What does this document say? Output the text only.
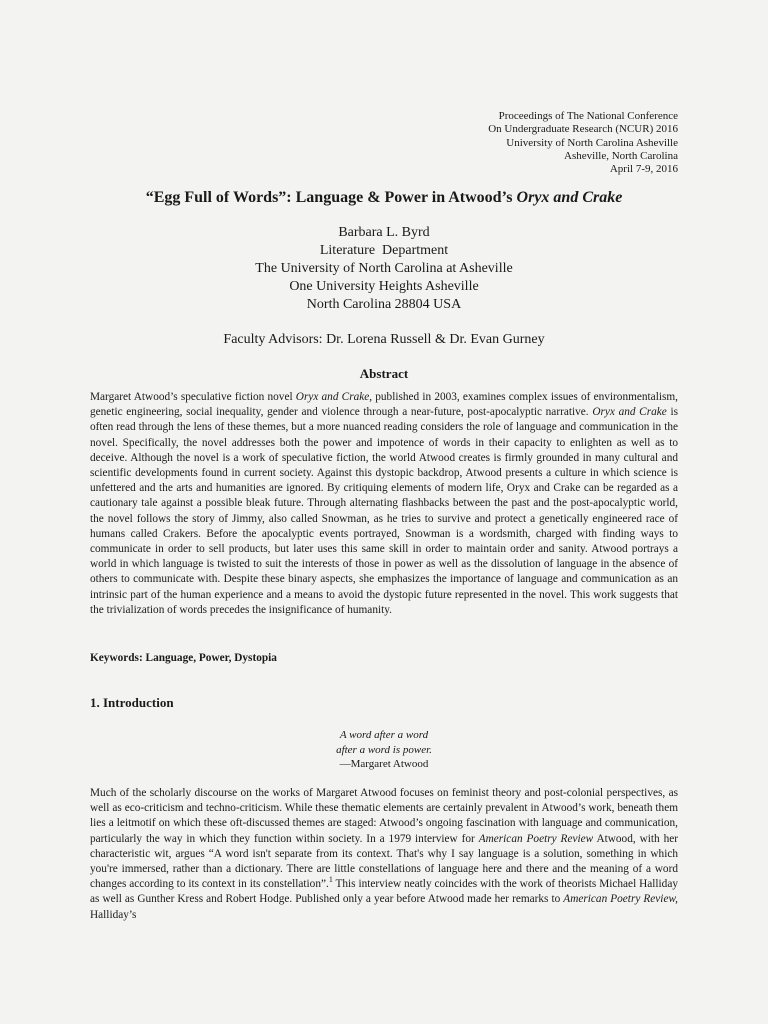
Proceedings of The National Conference
On Undergraduate Research (NCUR) 2016
University of North Carolina Asheville
Asheville, North Carolina
April 7-9, 2016
“Egg Full of Words”: Language & Power in Atwood’s Oryx and Crake
Barbara L. Byrd
Literature  Department
The University of North Carolina at Asheville
One University Heights Asheville
North Carolina 28804 USA
Faculty Advisors: Dr. Lorena Russell & Dr. Evan Gurney
Abstract

Margaret Atwood’s speculative fiction novel Oryx and Crake, published in 2003, examines complex issues of environmentalism, genetic engineering, social inequality, gender and violence through a near-future, post-apocalyptic narrative. Oryx and Crake is often read through the lens of these themes, but a more nuanced reading considers the role of language and communication in the novel. Specifically, the novel addresses both the power and impotence of words in their capacity to enlighten as well as to deceive. Although the novel is a work of speculative fiction, the world Atwood creates is firmly grounded in many cultural and scientific developments found in current society. Against this dystopic backdrop, Atwood presents a culture in which science is unfettered and the arts and humanities are ignored. By critiquing elements of modern life, Oryx and Crake can be regarded as a cautionary tale against a possible bleak future. Through alternating flashbacks between the past and the post-apocalyptic world, the novel follows the story of Jimmy, also called Snowman, as he tries to survive and protect a genetically engineered race of humans called Crakers. Before the apocalyptic events portrayed, Snowman is a wordsmith, charged with finding ways to communicate in order to sell products, but later uses this same skill in order to maintain order and sanity. Atwood portrays a world in which language is twisted to suit the interests of those in power as well as the dissolution of language in the absence of others to communicate with. Despite these binary aspects, she emphasizes the importance of language and communication as an intrinsic part of the human experience and a means to avoid the dystopic future represented in the novel. This work suggests that the trivialization of words precedes the insignificance of humanity.

Keywords: Language, Power, Dystopia
1. Introduction
A word after a word
after a word is power.
—Margaret Atwood

Much of the scholarly discourse on the works of Margaret Atwood focuses on feminist theory and post-colonial perspectives, as well as eco-criticism and techno-criticism. While these thematic elements are certainly prevalent in Atwood’s work, beneath them lies a leitmotif on which these oft-discussed themes are staged: Atwood’s ongoing fascination with language and communication, particularly the way in which they function within society. In a 1979 interview for American Poetry Review Atwood, with her characteristic wit, argues “A word isn't separate from its context. That's why I say language is a solution, something in which you're immersed, rather than a dictionary. There are little constellations of language here and there and the meaning of a word changes according to its context in its constellation”.$^1$ This interview neatly coincides with the work of theorists Michael Halliday as well as Gunther Kress and Robert Hodge. Published only a year before Atwood made her remarks to American Poetry Review, Halliday’s
